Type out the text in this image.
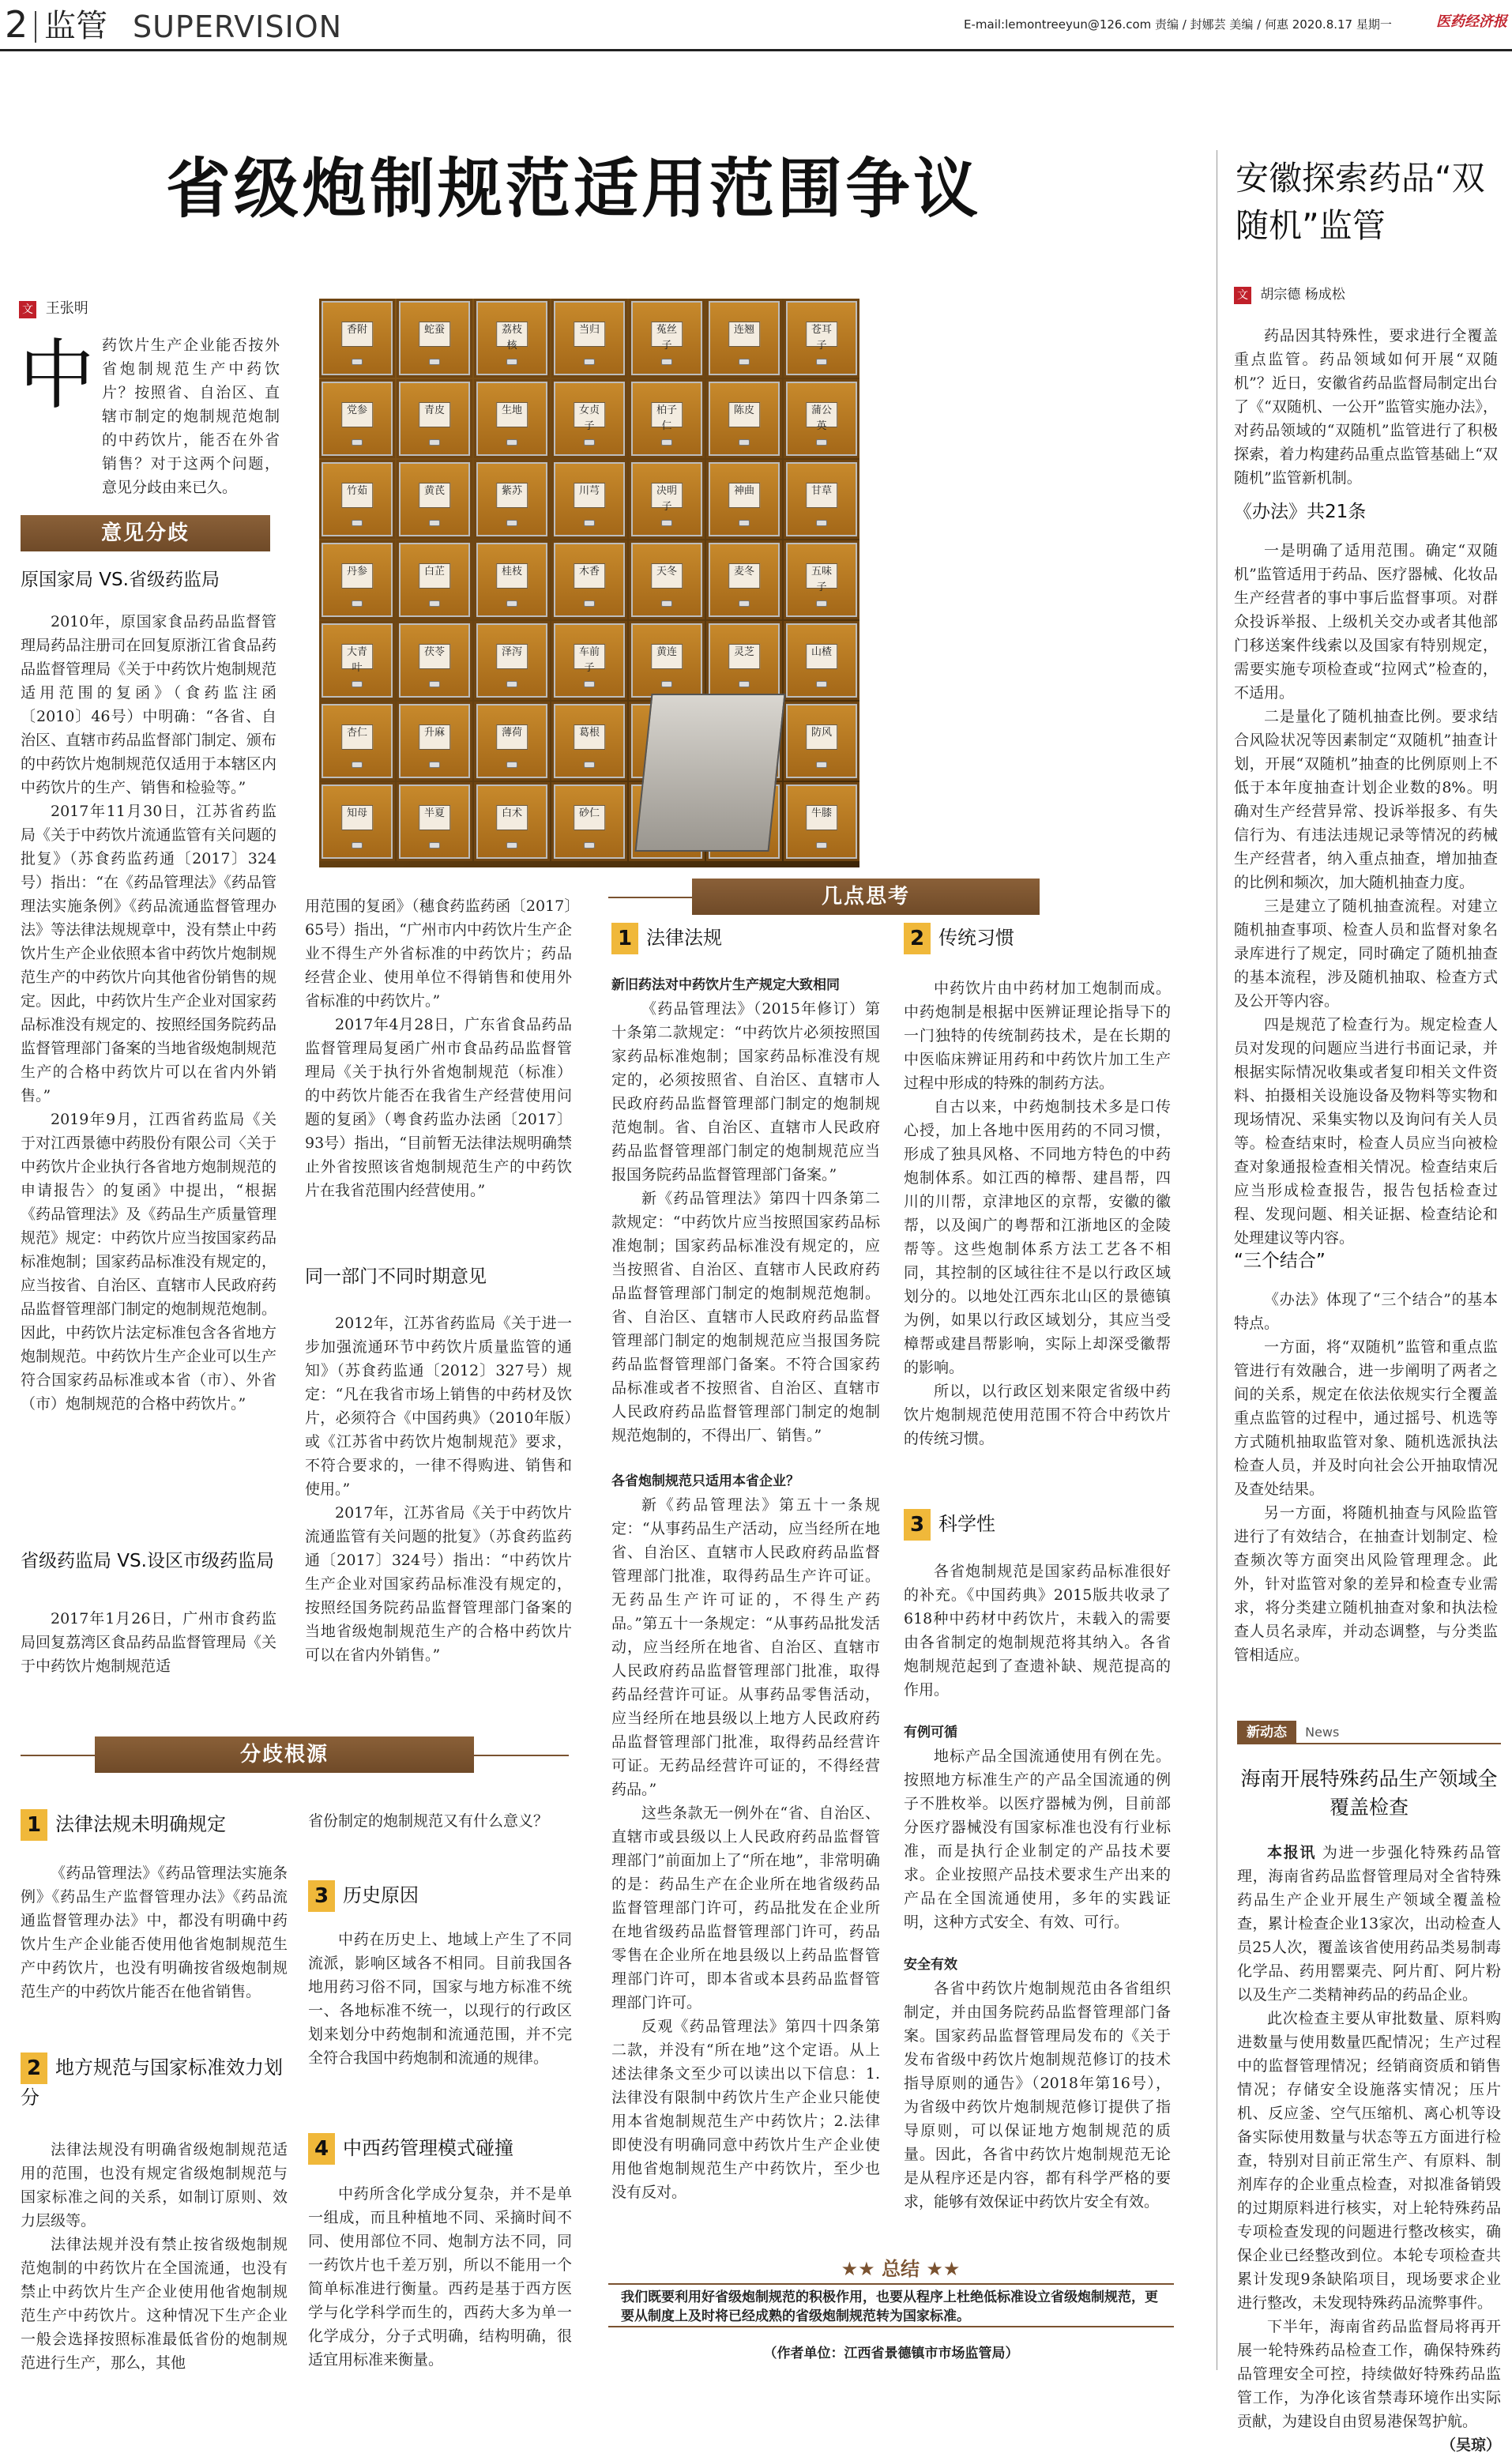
2 监管 SUPERVISION	E-mail:lemontreeyun@126.com 责编 / 封娜芸 美编 / 何惠 2020.8.17 星期一	医药经济报
省级炮制规范适用范围争议
文 王张明
中 药饮片生产企业能否按外省炮制规范生产中药饮片？按照省、自治区、直辖市制定的炮制规范炮制的中药饮片，能否在外省销售？对于这两个问题，意见分歧由来已久。
意见分歧
原国家局 VS.省级药监局

2010年，原国家食品药品监督管理局药品注册司在回复原浙江省食品药品监督管理局《关于中药饮片炮制规范适用范围的复函》（食药监注函〔2010〕46号）中明确：“各省、自治区、直辖市药品监督部门制定、颁布的中药饮片炮制规范仅适用于本辖区内中药饮片的生产、销售和检验等。”

2017年11月30日，江苏省药监局《关于中药饮片流通监管有关问题的批复》（苏食药监药通〔2017〕324号）指出：“在《药品管理法》《药品管理法实施条例》《药品流通监督管理办法》等法律法规规章中，没有禁止中药饮片生产企业依照本省中药饮片炮制规范生产的中药饮片向其他省份销售的规定。因此，中药饮片生产企业对国家药品标准没有规定的、按照经国务院药品监督管理部门备案的当地省级炮制规范生产的合格中药饮片可以在省内外销售。”

2019年9月，江西省药监局《关于对江西景德中药股份有限公司〈关于中药饮片企业执行各省地方炮制规范的申请报告〉的复函》中提出，“根据《药品管理法》及《药品生产质量管理规范》规定：中药饮片应当按国家药品标准炮制；国家药品标准没有规定的，应当按省、自治区、直辖市人民政府药品监督管理部门制定的炮制规范炮制。因此，中药饮片法定标准包含各省地方炮制规范。中药饮片生产企业可以生产符合国家药品标准或本省（市）、外省（市）炮制规范的合格中药饮片。”

省级药监局 VS.设区市级药监局

2017年1月26日，广州市食药监局回复荔湾区食品药品监督管理局《关于中药饮片炮制规范适

用范围的复函》（穗食药监药函〔2017〕65号）指出，“广州市内中药饮片生产企业不得生产外省标准的中药饮片；药品经营企业、使用单位不得销售和使用外省标准的中药饮片。”

2017年4月28日，广东省食品药品监督管理局复函广州市食品药品监督管理局《关于执行外省炮制规范（标准）的中药饮片能否在我省生产经营使用问题的复函》（粤食药监办法函〔2017〕93号）指出，“目前暂无法律法规明确禁止外省按照该省炮制规范生产的中药饮片在我省范围内经营使用。”

同一部门不同时期意见

2012年，江苏省药监局《关于进一步加强流通环节中药饮片质量监管的通知》（苏食药监通〔2012〕327号）规定：“凡在我省市场上销售的中药材及饮片，必须符合《中国药典》（2010年版）或《江苏省中药饮片炮制规范》要求，不符合要求的，一律不得购进、销售和使用。”

2017年，江苏省局《关于中药饮片流通监管有关问题的批复》（苏食药监药通〔2017〕324号）指出：“中药饮片生产企业对国家药品标准没有规定的，按照经国务院药品监督管理部门备案的当地省级炮制规范生产的合格中药饮片可以在省内外销售。”

香附	蛇蚕	荔枝核
当归	菟丝子
连翘	苍耳子
党参	青皮	生地	女贞子
柏子仁
陈皮	蒲公英
竹茹	黄芪	紫苏	川芎	决明子
神曲	甘草
丹参	白芷	桂枝	木香	天冬	麦冬	五味子
大青叶
茯苓	泽泻	车前子
黄连	灵芝	山楂
杏仁	升麻	薄荷	葛根	防风
知母	半夏	白术	砂仁	牛膝
分歧根源
1 法律法规未明确规定

《药品管理法》《药品管理法实施条例》《药品生产监督管理办法》《药品流通监督管理办法》中，都没有明确中药饮片生产企业能否使用他省炮制规范生产中药饮片，也没有明确按省级炮制规范生产的中药饮片能否在他省销售。

2 地方规范与国家标准效力划分

法律法规没有明确省级炮制规范适用的范围，也没有规定省级炮制规范与国家标准之间的关系，如制订原则、效力层级等。

法律法规并没有禁止按省级炮制规范炮制的中药饮片在全国流通，也没有禁止中药饮片生产企业使用他省炮制规范生产中药饮片。这种情况下生产企业一般会选择按照标准最低省份的炮制规范进行生产，那么，其他

省份制定的炮制规范又有什么意义？

3 历史原因

中药在历史上、地域上产生了不同流派，影响区域各不相同。目前我国各地用药习俗不同，国家与地方标准不统一、各地标准不统一，以现行的行政区划来划分中药炮制和流通范围，并不完全符合我国中药炮制和流通的规律。

4 中西药管理模式碰撞

中药所含化学成分复杂，并不是单一组成，而且种植地不同、采摘时间不同、使用部位不同、炮制方法不同，同一药饮片也千差万别，所以不能用一个简单标准进行衡量。西药是基于西方医学与化学科学而生的，西药大多为单一化学成分，分子式明确，结构明确，很适宜用标准来衡量。

几点思考
1 法律法规
新旧药法对中药饮片生产规定大致相同

《药品管理法》（2015年修订）第十条第二款规定：“中药饮片必须按照国家药品标准炮制；国家药品标准没有规定的，必须按照省、自治区、直辖市人民政府药品监督管理部门制定的炮制规范炮制。省、自治区、直辖市人民政府药品监督管理部门制定的炮制规范应当报国务院药品监督管理部门备案。”

新《药品管理法》第四十四条第二款规定：“中药饮片应当按照国家药品标准炮制；国家药品标准没有规定的，应当按照省、自治区、直辖市人民政府药品监督管理部门制定的炮制规范炮制。省、自治区、直辖市人民政府药品监督管理部门制定的炮制规范应当报国务院药品监督管理部门备案。不符合国家药品标准或者不按照省、自治区、直辖市人民政府药品监督管理部门制定的炮制规范炮制的，不得出厂、销售。”

各省炮制规范只适用本省企业？

新《药品管理法》第五十一条规定：“从事药品生产活动，应当经所在地省、自治区、直辖市人民政府药品监督管理部门批准，取得药品生产许可证。无药品生产许可证的，不得生产药品。”第五十一条规定：“从事药品批发活动，应当经所在地省、自治区、直辖市人民政府药品监督管理部门批准，取得药品经营许可证。从事药品零售活动，应当经所在地县级以上地方人民政府药品监督管理部门批准，取得药品经营许可证。无药品经营许可证的，不得经营药品。”

这些条款无一例外在“省、自治区、直辖市或县级以上人民政府药品监督管理部门”前面加上了“所在地”，非常明确的是：药品生产在企业所在地省级药品监督管理部门许可，药品批发在企业所在地省级药品监督管理部门许可，药品零售在企业所在地县级以上药品监督管理部门许可，即本省或本县药品监督管理部门许可。

反观《药品管理法》第四十四条第二款，并没有“所在地”这个定语。从上述法律条文至少可以读出以下信息：1.法律没有限制中药饮片生产企业只能使用本省炮制规范生产中药饮片；2.法律即使没有明确同意中药饮片生产企业使用他省炮制规范生产中药饮片，至少也没有反对。

2 传统习惯

中药饮片由中药材加工炮制而成。中药炮制是根据中医辨证理论指导下的一门独特的传统制药技术，是在长期的中医临床辨证用药和中药饮片加工生产过程中形成的特殊的制药方法。

自古以来，中药炮制技术多是口传心授，加上各地中医用药的不同习惯，形成了独具风格、不同地方特色的中药炮制体系。如江西的樟帮、建昌帮，四川的川帮，京津地区的京帮，安徽的徽帮，以及闽广的粤帮和江浙地区的金陵帮等。这些炮制体系方法工艺各不相同，其控制的区域往往不是以行政区域划分的。以地处江西东北山区的景德镇为例，如果以行政区域划分，其应当受樟帮或建昌帮影响，实际上却深受徽帮的影响。

所以，以行政区划来限定省级中药饮片炮制规范使用范围不符合中药饮片的传统习惯。

3 科学性

各省炮制规范是国家药品标准很好的补充。《中国药典》2015版共收录了618种中药材中药饮片，未载入的需要由各省制定的炮制规范将其纳入。各省炮制规范起到了查遗补缺、规范提高的作用。

有例可循

地标产品全国流通使用有例在先。按照地方标准生产的产品全国流通的例子不胜枚举。以医疗器械为例，目前部分医疗器械没有国家标准也没有行业标准，而是执行企业制定的产品技术要求。企业按照产品技术要求生产出来的产品在全国流通使用，多年的实践证明，这种方式安全、有效、可行。

安全有效

各省中药饮片炮制规范由各省组织制定，并由国务院药品监督管理部门备案。国家药品监督管理局发布的《关于发布省级中药饮片炮制规范修订的技术指导原则的通告》（2018年第16号），为省级中药饮片炮制规范修订提供了指导原则，可以保证地方炮制规范的质量。因此，各省中药饮片炮制规范无论是从程序还是内容，都有科学严格的要求，能够有效保证中药饮片安全有效。

★★ 总结 ★★
我们既要利用好省级炮制规范的积极作用，也要从程序上杜绝低标准设立省级炮制规范，更要从制度上及时将已经成熟的省级炮制规范转为国家标准。
（作者单位：江西省景德镇市市场监管局）
安徽探索药品“双随机”监管
文 胡宗德 杨成松

药品因其特殊性，要求进行全覆盖重点监管。药品领域如何开展“双随机”？近日，安徽省药品监督局制定出台了《“双随机、一公开”监管实施办法》，对药品领域的“双随机”监管进行了积极探索，着力构建药品重点监管基础上“双随机”监管新机制。

《办法》共21条

一是明确了适用范围。确定“双随机”监管适用于药品、医疗器械、化妆品生产经营者的事中事后监督事项。对群众投诉举报、上级机关交办或者其他部门移送案件线索以及国家有特别规定，需要实施专项检查或“拉网式”检查的，不适用。

二是量化了随机抽查比例。要求结合风险状况等因素制定“双随机”抽查计划，开展“双随机”抽查的比例原则上不低于本年度抽查计划企业数的8%。明确对生产经营异常、投诉举报多、有失信行为、有违法违规记录等情况的药械生产经营者，纳入重点抽查，增加抽查的比例和频次，加大随机抽查力度。

三是建立了随机抽查流程。对建立随机抽查事项、检查人员和监督对象名录库进行了规定，同时确定了随机抽查的基本流程，涉及随机抽取、检查方式及公开等内容。

四是规范了检查行为。规定检查人员对发现的问题应当进行书面记录，并根据实际情况收集或者复印相关文件资料、拍摄相关设施设备及物料等实物和现场情况、采集实物以及询问有关人员等。检查结束时，检查人员应当向被检查对象通报检查相关情况。检查结束后应当形成检查报告，报告包括检查过程、发现问题、相关证据、检查结论和处理建议等内容。

“三个结合”

《办法》体现了“三个结合”的基本特点。

一方面，将“双随机”监管和重点监管进行有效融合，进一步阐明了两者之间的关系，规定在依法依规实行全覆盖重点监管的过程中，通过摇号、机选等方式随机抽取监管对象、随机选派执法检查人员，并及时向社会公开抽取情况及查处结果。

另一方面，将随机抽查与风险监管进行了有效结合，在抽查计划制定、检查频次等方面突出风险管理理念。此外，针对监管对象的差异和检查专业需求，将分类建立随机抽查对象和执法检查人员名录库，并动态调整，与分类监管相适应。

新动态 News
海南开展特殊药品生产领域全覆盖检查

本报讯 为进一步强化特殊药品管理，海南省药品监督管理局对全省特殊药品生产企业开展生产领域全覆盖检查，累计检查企业13家次，出动检查人员25人次，覆盖该省使用药品类易制毒化学品、药用罂粟壳、阿片酊、阿片粉以及生产二类精神药品的药品企业。

此次检查主要从审批数量、原料购进数量与使用数量匹配情况；生产过程中的监督管理情况；经销商资质和销售情况；存储安全设施落实情况；压片机、反应釜、空气压缩机、离心机等设备实际使用数量与状态等五方面进行检查，特别对目前正常生产、有原料、制剂库存的企业重点检查，对拟准备销毁的过期原料进行核实，对上轮特殊药品专项检查发现的问题进行整改核实，确保企业已经整改到位。本轮专项检查共累计发现9条缺陷项目，现场要求企业进行整改，未发现特殊药品流弊事件。

下半年，海南省药品监督局将再开展一轮特殊药品检查工作，确保特殊药品管理安全可控，持续做好特殊药品监管工作，为净化该省禁毒环境作出实际贡献，为建设自由贸易港保驾护航。
（吴琼）
